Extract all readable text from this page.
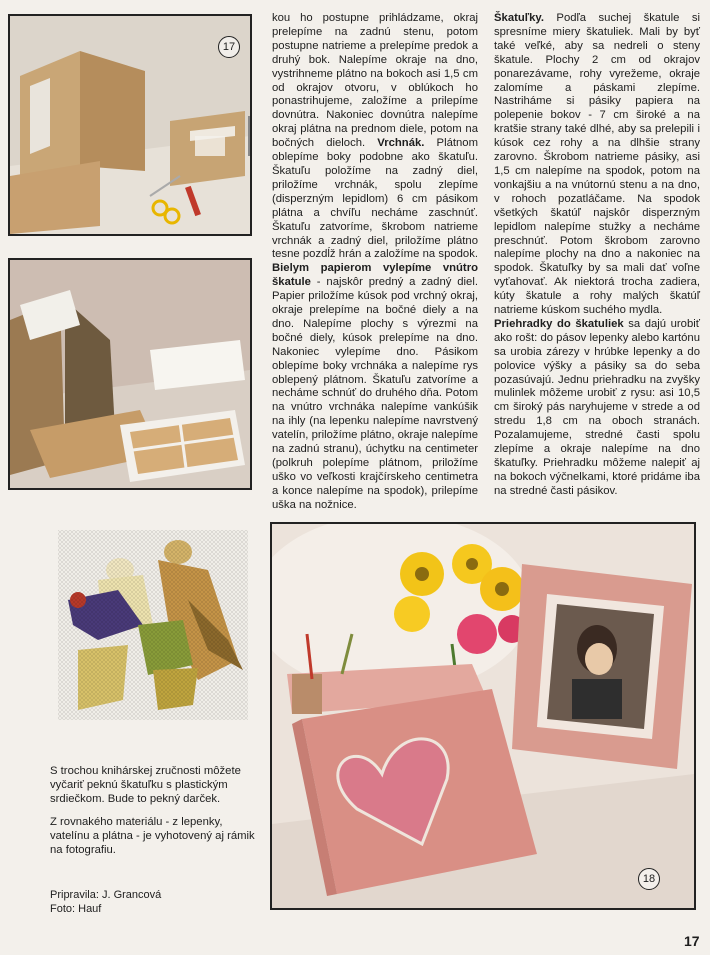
17
18

kou ho postupne prihládzame, okraj prelepíme na zadnú stenu, potom postupne natrieme a prelepíme predok a druhý bok. Nalepíme okraje na dno, vystrihneme plátno na bokoch asi 1,5 cm od okrajov otvoru, v oblúkoch ho ponastrihujeme, založíme a prilepíme dovnútra. Nakoniec dovnútra nalepíme okraj plátna na prednom diele, potom na bočných dieloch. Vrchnák. Plátnom oblepíme boky podobne ako škatuľu. Škatuľu položíme na zadný diel, priložíme vrchnák, spolu zlepíme (disperzným lepidlom) 6 cm pásikom plátna a chvíľu necháme zaschnúť. Škatuľu zatvoríme, škrobom natrieme vrchnák a zadný diel, priložíme plátno tesne pozdĺž hrán a založíme na spodok. Bielym papierom vylepíme vnútro škatule - najskôr predný a zadný diel. Papier priložíme kúsok pod vrchný okraj, okraje prelepíme na bočné diely a na dno. Nalepíme plochy s výrezmi na bočné diely, kúsok prelepíme na dno. Nakoniec vylepíme dno. Pásikom oblepíme boky vrchnáka a nalepíme rys oblepený plátnom. Škatuľu zatvoríme a necháme schnúť do druhého dňa. Potom na vnútro vrchnáka nalepíme vankúšik na ihly (na lepenku nalepíme navrstvený vatelín, priložíme plátno, okraje nalepíme na zadnú stranu), úchytku na centimeter (polkruh polepíme plátnom, priložíme uško vo veľkosti krajčírskeho centimetra a konce nalepíme na spodok), prilepíme uška na nožnice.

Škatuľky. Podľa suchej škatule si spresníme miery škatuliek. Mali by byť také veľké, aby sa nedreli o steny škatule. Plochy 2 cm od okrajov ponarezávame, rohy vyrežeme, okraje zalomíme a páskami zlepíme. Nastriháme si pásiky papiera na polepenie bokov - 7 cm široké a na kratšie strany také dlhé, aby sa prelepili i kúsok cez rohy a na dlhšie strany zarovno. Škrobom natrieme pásiky, asi 1,5 cm nalepíme na spodok, potom na vonkajšiu a na vnútornú stenu a na dno, v rohoch pozatláčame. Na spodok všetkých škatúľ najskôr disperzným lepidlom nalepíme stužky a necháme preschnúť. Potom škrobom zarovno nalepíme plochy na dno a nakoniec na spodok. Škatuľky by sa mali dať voľne vyťahovať. Ak niektorá trocha zadiera, kúty škatule a rohy malých škatúľ natrieme kúskom suchého mydla.

Priehradky do škatuliek sa dajú urobiť ako rošt: do pásov lepenky alebo kartónu sa urobia zárezy v hrúbke lepenky a do polovice výšky a pásiky sa do seba pozasúvajú. Jednu priehradku na zvyšky mulinlek môžeme urobiť z rysu: asi 10,5 cm široký pás naryhujeme v strede a od stredu 1,8 cm na oboch stranách. Pozalamujeme, stredné časti spolu zlepíme a okraje nalepíme na dno škatuľky. Priehradku môžeme nalepiť aj na bokoch výčnelkami, ktoré pridáme iba na stredné časti pásikov.

S trochou knihárskej zručnosti môžete vyčariť peknú škatuľku s plastickým srdiečkom. Bude to pekný darček.

Z rovnakého materiálu - z lepenky, vatelínu a plátna - je vyhotovený aj rámik na fotografiu.

Pripravila: J. Grancová
Foto: Hauf
17
